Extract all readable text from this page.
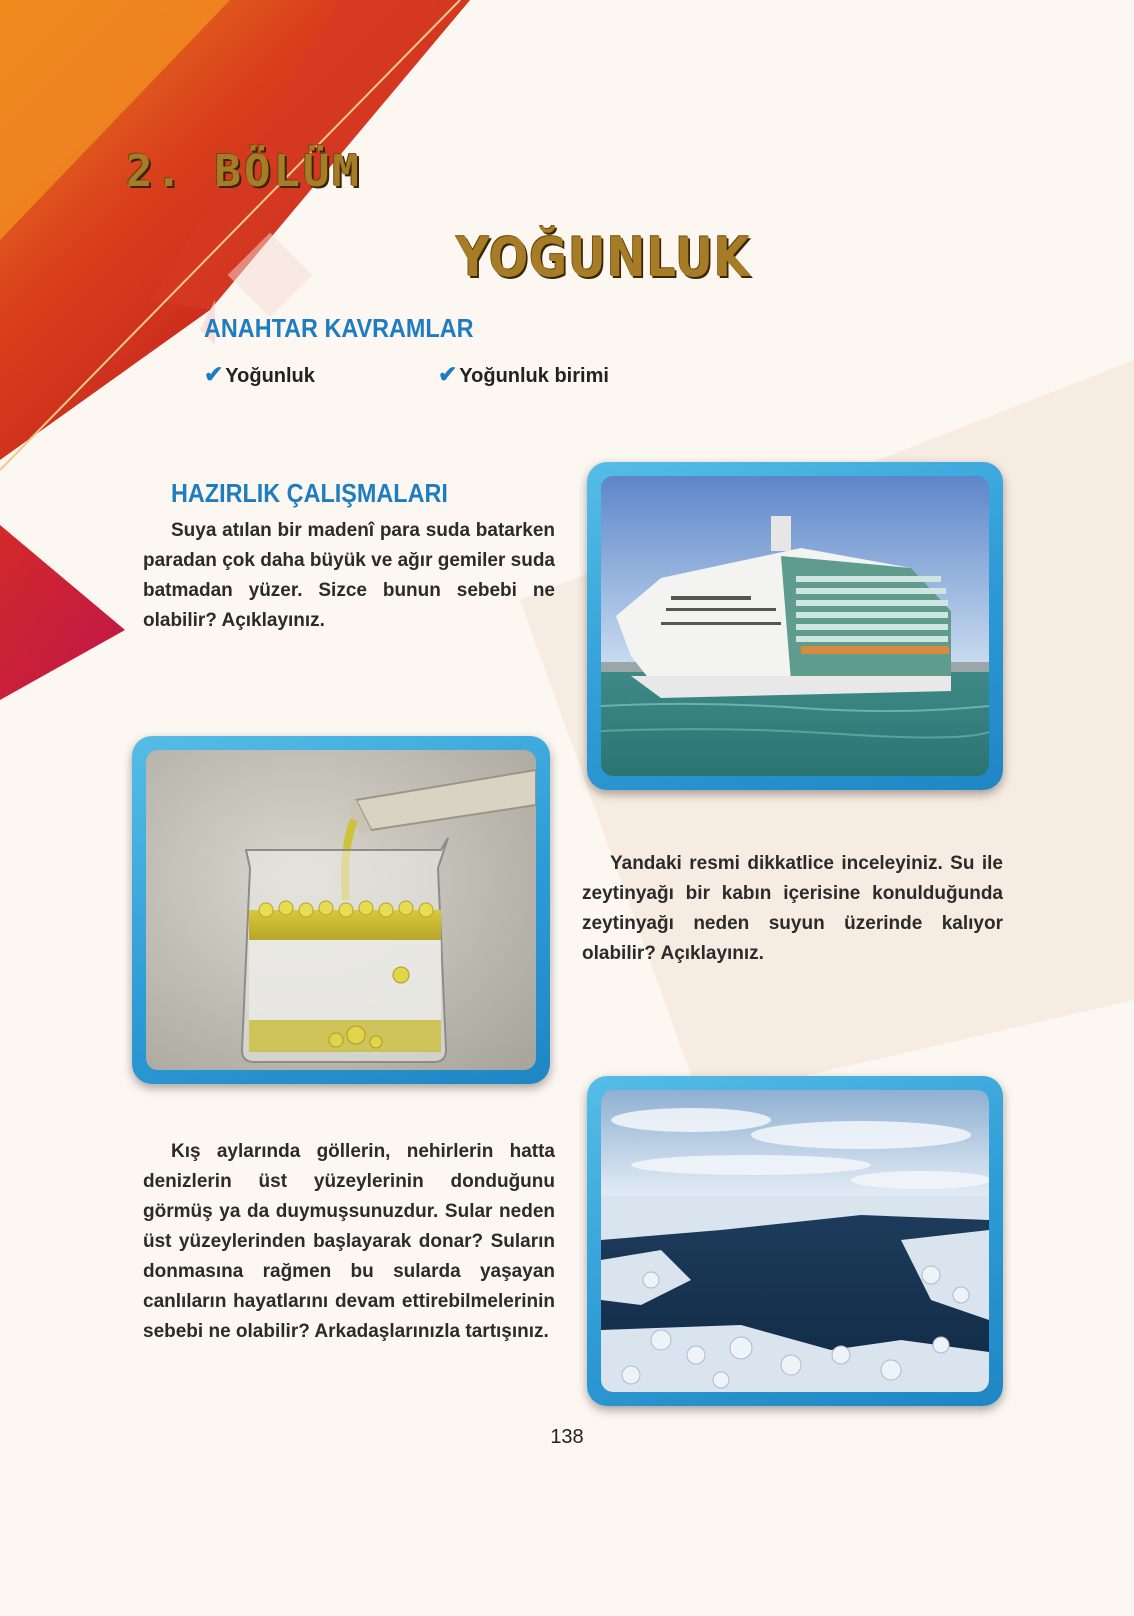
2. BÖLÜM
YOĞUNLUK
ANAHTAR KAVRAMLAR
✔ Yoğunluk	✔ Yoğunluk birimi
HAZIRLIK ÇALIŞMALARI

Suya atılan bir madenî para suda batarken paradan çok daha büyük ve ağır gemiler suda batmadan yüzer. Sizce bunun sebebi ne olabilir? Açıklayınız.

Yandaki resmi dikkatlice inceleyiniz. Su ile zeytinyağı bir kabın içerisine konulduğunda zeytinyağı neden suyun üzerinde kalıyor olabilir? Açıklayınız.

Kış aylarında göllerin, nehirlerin hatta denizlerin üst yüzeylerinin donduğunu görmüş ya da duymuşsunuzdur. Sular neden üst yüzeylerinden başlayarak donar? Suların donmasına rağmen bu sularda yaşayan canlıların hayatlarını devam ettirebilmelerinin sebebi ne olabilir? Arkadaşlarınızla tartışınız.

138
